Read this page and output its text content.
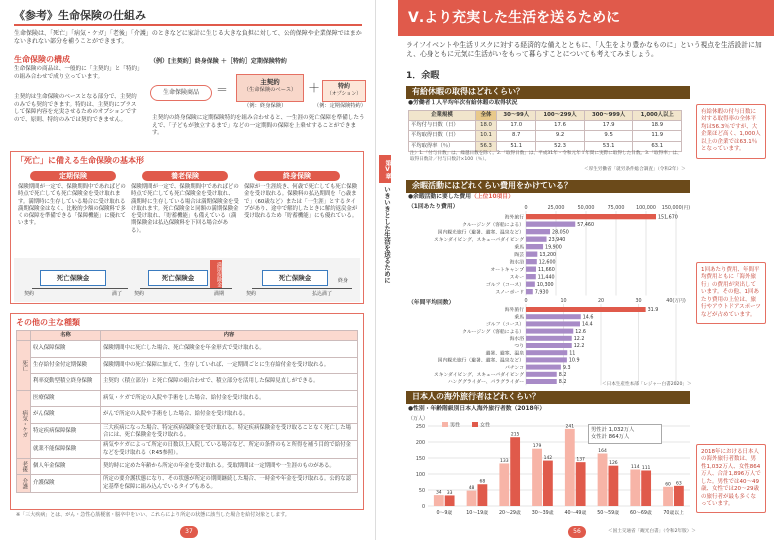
《参考》生命保険の仕組み
生命保険は、「死亡」「病気・ケガ」「老後」「介護」のときなどに家計に生じる大きな負担に対して、公的保障や企業保障ではまかないきれない部分を補うことができます。
生命保険の構成
生命保険の商品は、一般的に「主契約」と「特約」の組み合わせで成り立っています。
主契約は生命保険のベースとなる部分で、主契約のみでも契約できます。特約は、主契約にプラスして保障内容を充実させるためのオプションですので、原則、特約のみでは契約できません。
（例）[主契約］終身保険 ＋［特約］定期保険特約
生命保険商品	＝
主契約
（生命保険のベース）
（例：終身保険）
＋	特約
（オプション）
（例：定期保険特約）
主契約の終身保険に定期保険特約を組み合わせると、一生涯の死亡保障を準備したうえで、「子どもが独立するまで」などの一定期間の保障を上乗せすることができます。
「死亡」に備える生命保険の基本形
定期保険	養老保険	終身保険
保険期間が一定で、保険期間中であればどの時点で死亡しても死亡保険金を受け取れます。満期時に生存している場合に受け取れる満期保険金はなく、比較的少額の保険料で多くの保障を準備できる「保障機能」に優れています。
保険期間が一定で、保険期間中であればどの時点で死亡しても死亡保険金を受け取れ、満期時に生存している場合は満期保険金を受け取れます。死亡保険金と同額の満期保険金を受け取れ、「貯蓄機能」も備えている（満期保険金は払込保険料を下回る場合がある）。
保障が一生涯続き、何歳で死亡しても死亡保険金を受け取れる。保険料の払込期間を「○歳まで」（60歳など）または「一生涯」とするタイプがあり、途中で解約したときに解約返戻金が受け取れるため「貯蓄機能」にも優れている。
死亡保険金	死亡保険金	満期保険金	死亡保険金
契約	満了 契約	満期	契約	払込満了
終身
その他の主な種類
	名称	内容
死亡	収入保障保険	保険期間中に死亡した場合、死亡保険金を年金形式で受け取れる。
	生存給付金付定期保険	保険期間中の死亡保障に加えて、生存していれば、一定期間ごとに生存給付金を受け取れる。
	利率変動型積立終身保険	主契約（積立部分）と死亡保障の組合わせで、積立部分を活用した保障見直しができる。
病気・ケガ	医療保険	病気・ケガで所定の入院や手術をした場合、給付金を受け取れる。
	がん保険	がんで所定の入院や手術をした場合、給付金を受け取れる。
	特定疾病保障保険	三大疾病になった場合、特定疾病保険金を受け取れる。特定疾病保険金を受け取ることなく死亡した場合には、死亡保険金を受け取れる。
	就業不能保障保険	病気やケガによって所定の日数以上入院している場合など、所定の条件のもと所得を補う目的で給付金などを受け取れる（P.45参照）。
老後	個人年金保険	契約時に定めた年齢から所定の年金を受け取れる。受取期間は一定期間や一生涯のものがある。
介護	介護保険	所定の要介護状態になり、その状態が所定の期間継続した場合、一時金や年金を受け取れる。公的な認定基準を保障に組み込んでいるタイプもある。
※「三大疾病」とは、がん・急性心筋梗塞・脳卒中をいい、これらにより所定の状態に該当した場合を給付対象とします。
37
第Ⅴ章
いきいきとした生活を送るために
Ⅴ.より充実した生活を送るために
ライフイベントや生活リスクに対する経済的な備えとともに、「人生をより豊かなものに」という視点を生活設計に加え、心身ともに元気に生活がいをもって暮らすことについても考えてみましょう。
1．余暇
有給休暇の取得はどれくらい？
●労働者１人平均年次有給休暇の取得状況
企業規模	全体	30〜99人	100〜299人	300〜999人	1,000人以上
平均付与日数（日）	18.0	17.0	17.6	17.9	18.9
平均取得日数（日）	10.1	8.7	9.2	9.5	11.9
平均取得率（％）	56.3	51.1	52.3	53.1	63.1
注）1.「付与日数」は、繰越日数を除く。2.「取得日数」は、平成31年・令和元年１年間に実際に取得した日数。3.「取得率」は、取得日数計／付与日数計×100（％）。
＜厚生労働省「就労条件総合調査」（令和2年）＞
有給休暇の付与日数に対する取得率の全体平均は56.3％ですが、大企業ほど高く、1,000人以上の企業では63.1％となっています。
余暇活動にはどれくらい費用をかけている？
●余暇活動に要した費用（上位10項目）
（1回あたり費用）	0	25,000	50,000	75,000 100,000 150,000(円)
海外旅行	151,670
クルージング（客船による）	57,460
国内観光旅行（避暑、避寒、温泉など）	28,050
スキンダイビング、スキューバダイビング	23,940
乗馬	19,900
陶芸	13,200
海水浴	12,600
オートキャンプ	11,660
スキー	11,440
ゴルフ（コース）	10,300
スノーボード 7,930
（年間平均回数）	0	10	20	30	40(万円)
海外旅行	31.9
乗馬	14.6
ゴルフ（コース）	14.4
クルージング（客船による）	12.6
海水浴	12.2
つり	12.2
避暑、避寒、温泉	11
国内観光旅行（避暑、避寒、温泉など）	10.9
バチンコ	9.3
スキンダイビング、スキューバダイビング	8.2
ハンググライダー、パラグライダー	8.2	＜日本生産性本部「レジャー白書2020」＞
1回あたり費用、年間平均費用ともに「海外旅行」の費用が突出しています。その他、1回あたり費用の上位は、旅行やアウトドアスポーツなどが占めています。
日本人の海外旅行者はどれくらい？
●性別・年齢階級別日本人海外旅行者数（2018年）
（万人）
0
50
100
150
200
250
34 33
0〜9歳
48
68
10〜19歳
133
215
20〜29歳
179
142
30〜39歳
241
137
40〜49歳
164
126
50〜59歳
114 111
60〜69歳
60 63
70歳以上
男性	女性
男性計 1,032万人
女性計 864万人
＜国土交通省「観光白書」（令和2年版）＞
2018年における日本人の海外旅行者数は、男性1,032万人、女性864万人、合計1,896万人でした。男性では40〜49歳、女性では20〜29歳の旅行者が最も多くなっています。
56
